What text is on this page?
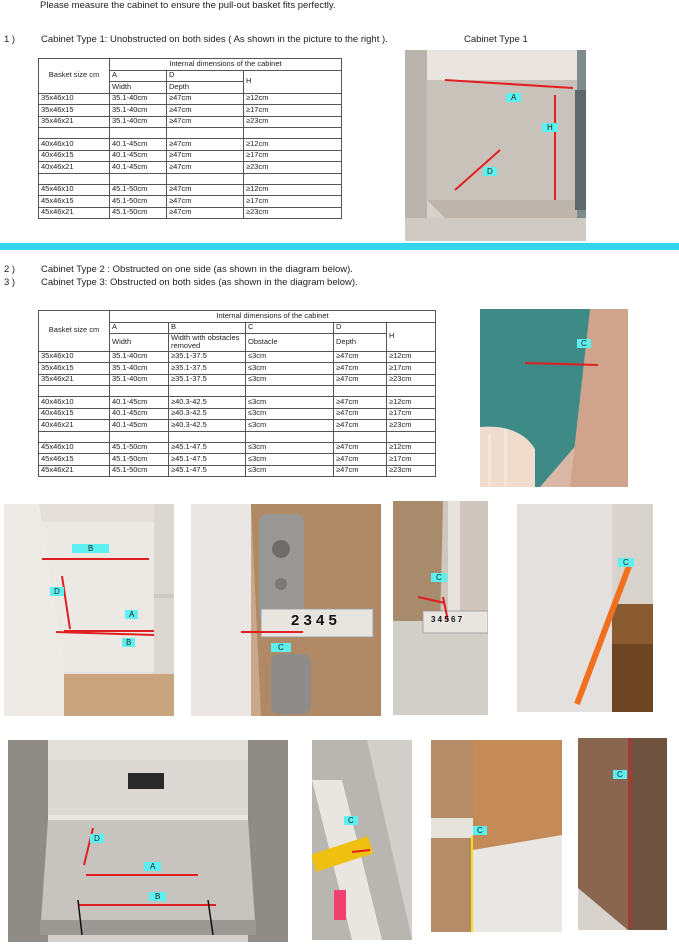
Please measure the cabinet to ensure the pull-out basket fits perfectly.
1 )	Cabinet Type 1: Unobstructed on both sides ( As shown in the picture to the right ).	Cabinet Type 1
Basket size cm	Internal dimensions of the cabinet		
	A	D	H
	Width	Depth	
35x46x10	35.1-40cm	≥47cm	≥12cm
35x46x15	35.1-40cm	≥47cm	≥17cm
35x46x21	35.1-40cm	≥47cm	≥23cm

40x46x10	40.1-45cm	≥47cm	≥12cm
40x46x15	40.1-45cm	≥47cm	≥17cm
40x46x21	40.1-45cm	≥47cm	≥23cm

45x46x10	45.1-50cm	≥47cm	≥12cm
45x46x15	45.1-50cm	≥47cm	≥17cm
45x46x21	45.1-50cm	≥47cm	≥23cm
A
H
D
2 )	Cabinet Type 2 : Obstructed on one side (as shown in the diagram below).
3 )	Cabinet Type 3: Obstructed on both sides (as shown in the diagram below).
Basket size cm	Internal dimensions of the cabinet				
	A	B	C	D	H
	Width	Width with obstacles removed	Obstacle	Depth	
35x46x10	35.1-40cm	≥35.1-37.5	≤3cm	≥47cm	≥12cm
35x46x15	35.1-40cm	≥35.1-37.5	≤3cm	≥47cm	≥17cm
35x46x21	35.1-40cm	≥35.1-37.5	≤3cm	≥47cm	≥23cm

40x46x10	40.1-45cm	≥40.3-42.5	≤3cm	≥47cm	≥12cm
40x46x15	40.1-45cm	≥40.3-42.5	≤3cm	≥47cm	≥17cm
40x46x21	40.1-45cm	≥40.3-42.5	≤3cm	≥47cm	≥23cm

45x46x10	45.1-50cm	≥45.1-47.5	≤3cm	≥47cm	≥12cm
45x46x15	45.1-50cm	≥45.1-47.5	≤3cm	≥47cm	≥17cm
45x46x21	45.1-50cm	≥45.1-47.5	≤3cm	≥47cm	≥23cm
C
B
D
A
B
2 3 4 5
C
3 4 5 6 7
C
C
D
A
B
C
C
C
